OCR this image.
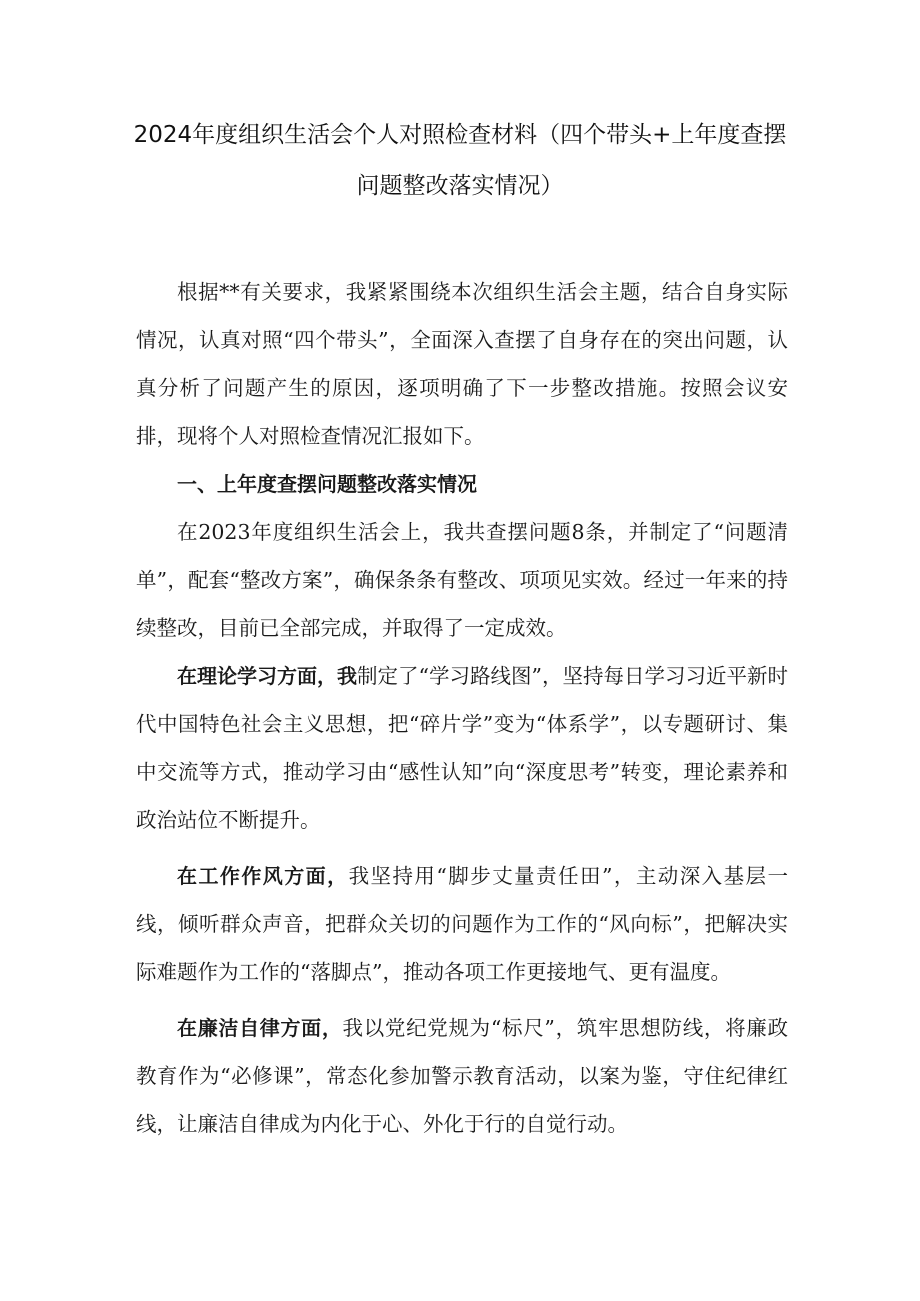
2024年度组织生活会个人对照检查材料（四个带头+上年度查摆
问题整改落实情况）

根据**有关要求，我紧紧围绕本次组织生活会主题，结合自身实际情况，认真对照“四个带头”，全面深入查摆了自身存在的突出问题，认真分析了问题产生的原因，逐项明确了下一步整改措施。按照会议安排，现将个人对照检查情况汇报如下。

一、上年度查摆问题整改落实情况

在2023年度组织生活会上，我共查摆问题8条，并制定了“问题清单”，配套“整改方案”，确保条条有整改、项项见实效。经过一年来的持续整改，目前已全部完成，并取得了一定成效。

在理论学习方面，我制定了“学习路线图”，坚持每日学习习近平新时代中国特色社会主义思想，把“碎片学”变为“体系学”，以专题研讨、集中交流等方式，推动学习由“感性认知”向“深度思考”转变，理论素养和政治站位不断提升。

在工作作风方面，我坚持用“脚步丈量责任田”，主动深入基层一线，倾听群众声音，把群众关切的问题作为工作的“风向标”，把解决实际难题作为工作的“落脚点”，推动各项工作更接地气、更有温度。

在廉洁自律方面，我以党纪党规为“标尺”，筑牢思想防线，将廉政教育作为“必修课”，常态化参加警示教育活动，以案为鉴，守住纪律红线，让廉洁自律成为内化于心、外化于行的自觉行动。
